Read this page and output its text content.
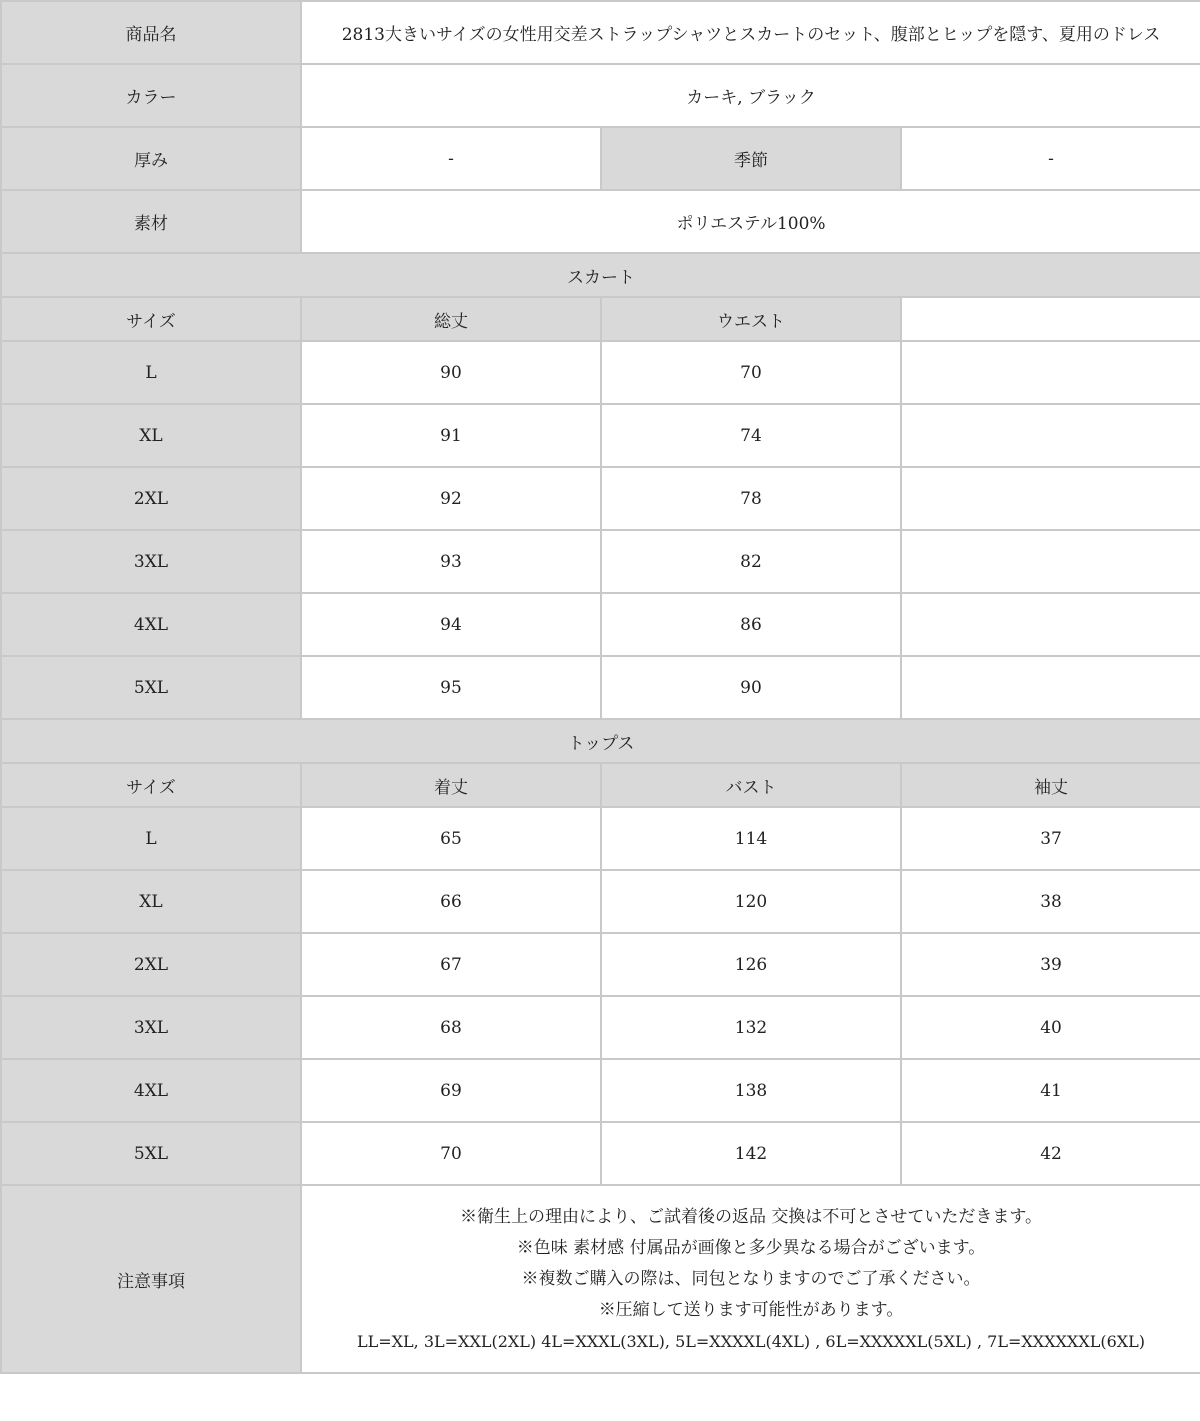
商品名	2813大きいサイズの女性用交差ストラップシャツとスカートのセット、腹部とヒップを隠す、夏用のドレス		
カラー	カーキ, ブラック		
厚み	-	季節	-
素材	ポリエステル100%		
スカート			
サイズ	総丈	ウエスト	
L	90	70	
XL	91	74	
2XL	92	78	
3XL	93	82	
4XL	94	86	
5XL	95	90	
トップス			
サイズ	着丈	バスト	袖丈
L	65	114	37
XL	66	120	38
2XL	67	126	39
3XL	68	132	40
4XL	69	138	41
5XL	70	142	42
注意事項	※衛生上の理由により、ご試着後の返品 交換は不可とさせていただきます。
※色味 素材感 付属品が画像と多少異なる場合がございます。
※複数ご購入の際は、同包となりますのでご了承ください。
※圧縮して送ります可能性があります。
LL=XL, 3L=XXL(2XL) 4L=XXXL(3XL), 5L=XXXXL(4XL) , 6L=XXXXXL(5XL) , 7L=XXXXXXL(6XL)		
